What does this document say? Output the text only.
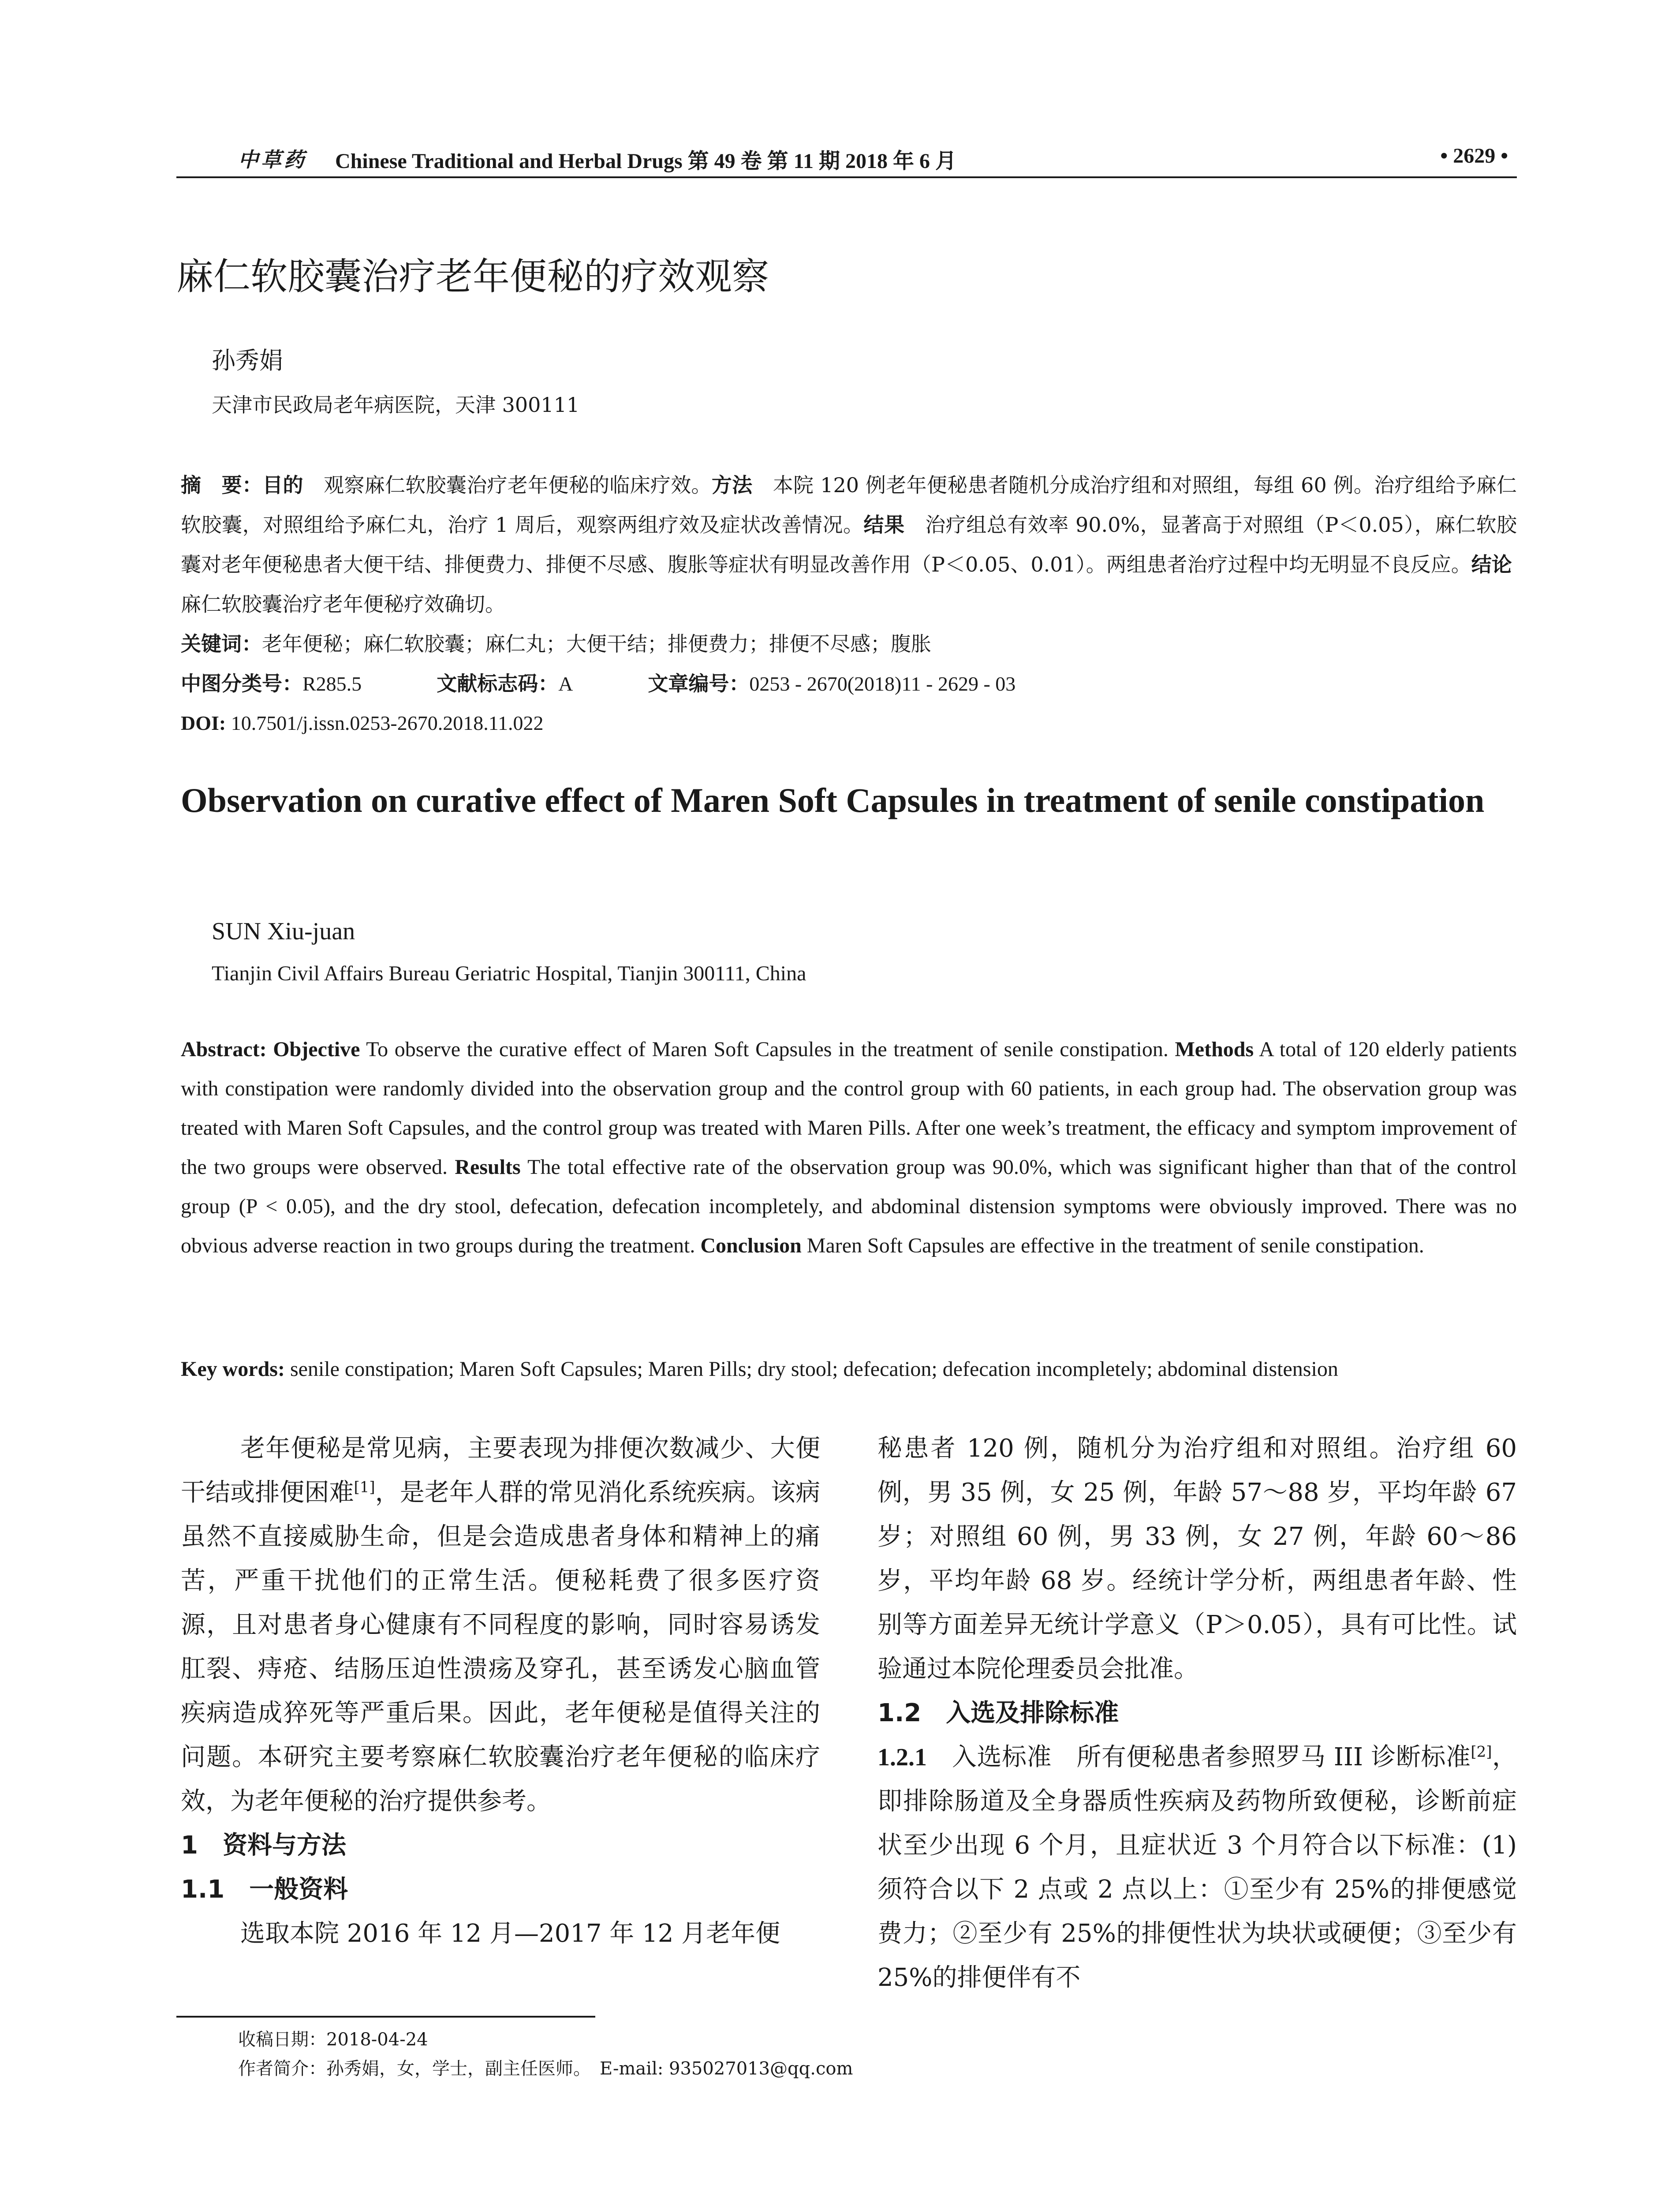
中草药 Chinese Traditional and Herbal Drugs 第 49 卷 第 11 期 2018 年 6 月	• 2629 •
麻仁软胶囊治疗老年便秘的疗效观察
孙秀娟
天津市民政局老年病医院，天津 300111
摘　要：目的　观察麻仁软胶囊治疗老年便秘的临床疗效。方法　本院 120 例老年便秘患者随机分成治疗组和对照组，每组 60 例。治疗组给予麻仁软胶囊，对照组给予麻仁丸，治疗 1 周后，观察两组疗效及症状改善情况。结果　治疗组总有效率 90.0%，显著高于对照组（P＜0.05），麻仁软胶囊对老年便秘患者大便干结、排便费力、排便不尽感、腹胀等症状有明显改善作用（P＜0.05、0.01）。两组患者治疗过程中均无明显不良反应。结论　麻仁软胶囊治疗老年便秘疗效确切。
关键词：老年便秘；麻仁软胶囊；麻仁丸；大便干结；排便费力；排便不尽感；腹胀
中图分类号：R285.5	文献标志码：A	文章编号：0253 - 2670(2018)11 - 2629 - 03
DOI: 10.7501/j.issn.0253-2670.2018.11.022
Observation on curative effect of Maren Soft Capsules in treatment of senile constipation
SUN Xiu-juan
Tianjin Civil Affairs Bureau Geriatric Hospital, Tianjin 300111, China
Abstract: Objective To observe the curative effect of Maren Soft Capsules in the treatment of senile constipation. Methods A total of 120 elderly patients with constipation were randomly divided into the observation group and the control group with 60 patients, in each group had. The observation group was treated with Maren Soft Capsules, and the control group was treated with Maren Pills. After one week’s treatment, the efficacy and symptom improvement of the two groups were observed. Results The total effective rate of the observation group was 90.0%, which was significant higher than that of the control group (P < 0.05), and the dry stool, defecation, defecation incompletely, and abdominal distension symptoms were obviously improved. There was no obvious adverse reaction in two groups during the treatment. Conclusion Maren Soft Capsules are effective in the treatment of senile constipation.
Key words: senile constipation; Maren Soft Capsules; Maren Pills; dry stool; defecation; defecation incompletely; abdominal distension

老年便秘是常见病，主要表现为排便次数减少、大便干结或排便困难[1]，是老年人群的常见消化系统疾病。该病虽然不直接威胁生命，但是会造成患者身体和精神上的痛苦，严重干扰他们的正常生活。便秘耗费了很多医疗资源，且对患者身心健康有不同程度的影响，同时容易诱发肛裂、痔疮、结肠压迫性溃疡及穿孔，甚至诱发心脑血管疾病造成猝死等严重后果。因此，老年便秘是值得关注的问题。本研究主要考察麻仁软胶囊治疗老年便秘的临床疗效，为老年便秘的治疗提供参考。

1　资料与方法

1.1　一般资料

选取本院 2016 年 12 月—2017 年 12 月老年便

秘患者 120 例，随机分为治疗组和对照组。治疗组 60 例，男 35 例，女 25 例，年龄 57～88 岁，平均年龄 67 岁；对照组 60 例，男 33 例，女 27 例，年龄 60～86 岁，平均年龄 68 岁。经统计学分析，两组患者年龄、性别等方面差异无统计学意义（P＞0.05），具有可比性。试验通过本院伦理委员会批准。

1.2　入选及排除标准

1.2.1　入选标准　所有便秘患者参照罗马 III 诊断标准[2]，即排除肠道及全身器质性疾病及药物所致便秘，诊断前症状至少出现 6 个月，且症状近 3 个月符合以下标准：(1) 须符合以下 2 点或 2 点以上：①至少有 25%的排便感觉费力；②至少有 25%的排便性状为块状或硬便；③至少有 25%的排便伴有不

收稿日期：2018-04-24
作者简介：孙秀娟，女，学士，副主任医师。　E-mail: 935027013@qq.com
